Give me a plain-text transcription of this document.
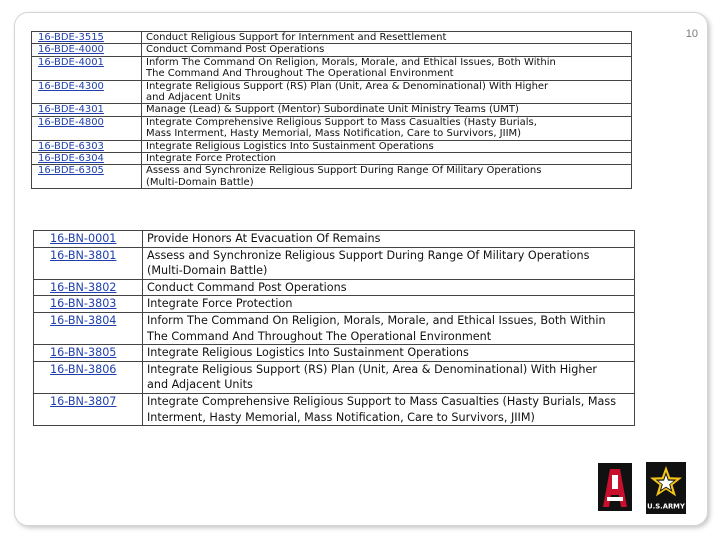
10
16-BDE-3515	Conduct Religious Support for Internment and Resettlement

16-BDE-4000	Conduct Command Post Operations

16-BDE-4001	Inform The Command On Religion, Morals, Morale, and Ethical Issues, Both Within
The Command And Throughout The Operational Environment

16-BDE-4300	Integrate Religious Support (RS) Plan (Unit, Area & Denominational) With Higher
and Adjacent Units

16-BDE-4301	Manage (Lead) & Support (Mentor) Subordinate Unit Ministry Teams (UMT)

16-BDE-4800	Integrate Comprehensive Religious Support to Mass Casualties (Hasty Burials,
Mass Interment, Hasty Memorial, Mass Notification, Care to Survivors, JIIM)

16-BDE-6303	Integrate Religious Logistics Into Sustainment Operations

16-BDE-6304	Integrate Force Protection

16-BDE-6305	Assess and Synchronize Religious Support During Range Of Military Operations
(Multi-Domain Battle)
16-BN-0001	Provide Honors At Evacuation Of Remains

16-BN-3801	Assess and Synchronize Religious Support During Range Of Military Operations
(Multi-Domain Battle)

16-BN-3802	Conduct Command Post Operations

16-BN-3803	Integrate Force Protection

16-BN-3804	Inform The Command On Religion, Morals, Morale, and Ethical Issues, Both Within
The Command And Throughout The Operational Environment

16-BN-3805	Integrate Religious Logistics Into Sustainment Operations

16-BN-3806	Integrate Religious Support (RS) Plan (Unit, Area & Denominational) With Higher
and Adjacent Units

16-BN-3807	Integrate Comprehensive Religious Support to Mass Casualties (Hasty Burials, Mass
Interment, Hasty Memorial, Mass Notification, Care to Survivors, JIIM)
U.S.ARMY
